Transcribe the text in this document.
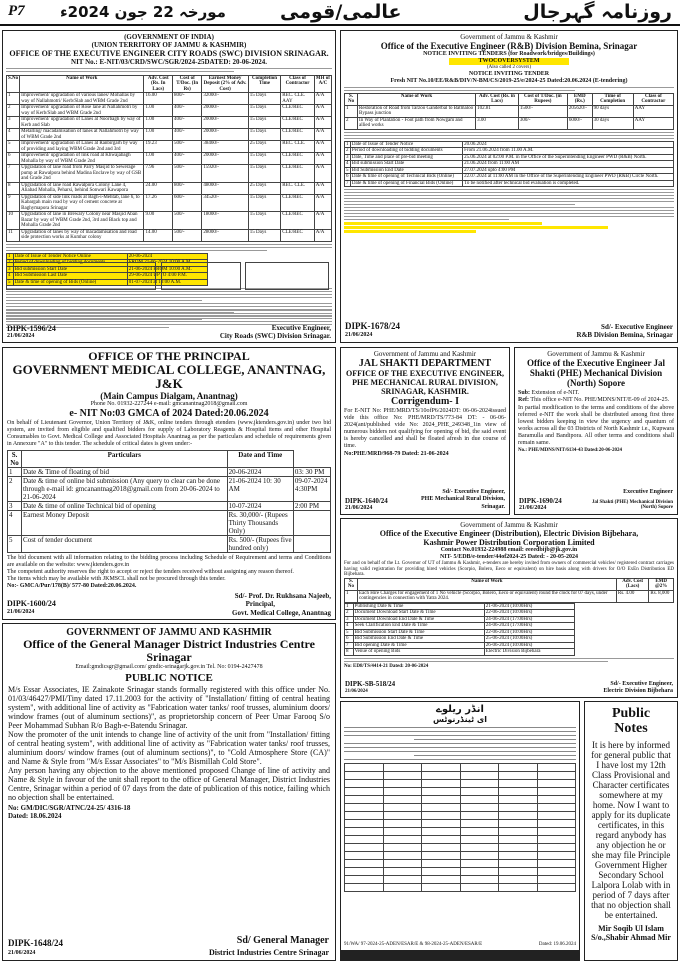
P7 مورخہ 22 جون 2024ء	عالمی/قومی	روزنامہ گہرجال
(GOVERNMENT OF INDIA)
(UNION TERRITORY OF JAMMU & KASHMIR)
OFFICE OF THE EXECUTIVE ENGINEER CITY ROADS (SWC) DIVISION SRINAGAR.
NIT No.: E-NIT/03/CRD/SWC/SGR/2024-25DATED: 20-06-2024.
S.No	Name of Work	Adv. Cost (Rs. In Lacs)	Cost of T/Doc. (In Rs)	Earnest Money Deposit (2% of Adv. Cost)	Completion Time	Class of Contractor	MH of A/C
1	Improvement/ upgradation of various lanes/ Mohallas by way of Nallahmotri/ Kerb/Slab and WBM Grade 2nd	16.00	800/-	32000/-	15 Days	REC. CLE. AAY	A/A
2	Improvement/ upgradation of Rose lane at Nallahmotri by way of Kerb/Slab and WBM Grade 2nd	1.00	400/-	20000/-	15 Days	CLE/REC	A/A
3	Improvement/ upgradation of Lanes at Noorbagh by way of Kerb and Slab	1.00	400/-	20000/-	15 Days	CLE/REC	A/A
4	Metalling/ macadamisation of lanes at Nallahmotri by way of WBM Grade 2nd	1.00	400/-	20000/-	15 Days	CLE/REC	A/A
5	Improvement/ upgradation of Lanes at Ranbirgarh by way of providing and laying WBM Grade 2nd and 3rd	19.23	500/-	38460/-	25 Days	REC. CLE.	A/A
6	Improvement/ upgradation of link road at Khwajabagh Mohalla by way of WBM Grade 2nd	1.00	400/-	20000/-	15 Days	CLE/REC	A/A
7	Upgradation of lane road from Parry Masjid to Sewerage pump at Rawalpora behind Madina Enclave by way of GSB and Grade 2nd	7.96	500/-	15920/-	15 Days	CLE/REC	A/A
8	Upgradation of lane road Rawalpora Colony Lane 4, Aliabad Mohalla, Peharsi, behind Sonwari Kawapora	24.00	800/-	48000/-	25 Days	REC. CLE.	A/A
9	Upgradation of side link roads at Bagh-i-Mehtab, lane 6, to Kabargah main road by way of cement concrete at Baghymapora Srinagar	17.26	600/-	34520/-	15 Days	CLE/REC	A/A
10	Upgradation of lane in Brewary Colony near Masjid Aban Bazar by way of WBM Grade 2nd, 3rd and Black top and Mohalla Grade 2nd	9.00	500/-	18000/-	15 Days	CLE/REC	A/A
11	Upgradation of lanes by way of macadamisation and road side protection works at Kumhar colony	14.00	500/-	28000/-	15 Days	CLE/REC	A/A
1	Date of Issue of Tender Notice Online	20-06-2024
2	Period of downloading of bidding documents	FROM 21-06-2024 10:00 A.M.
3	Bid submission Start Date	21-06-2024 FROM 10:00 A.M.
4	Bid Submission Last Date	29-06-2024 UPTO 4:00 P.M.
5	Date & time of opening of Bids (Online)	01-07-2024 at 10:00 A.M.
DIPK-1596/24
21/06/2024
Executive Engineer,
City Roads (SWC) Division Srinagar.
Government of Jammu & Kashmir
Office of the Executive Engineer (R&B) Division Bemina, Srinagar
NOTICE INVITING TENDERS (for Roadwork/bridges/Buildings)
TWOCOVERSYSTEM
(Also called 2 covers)
NOTICE INVITING TENDER
Fresh NIT No.10/EE/R&B/DIV/N-BM/CS/2019-25/e/2024-25 Dated:20.06.2024 (E-tendering)
S. No	Name of Work	Adv. Cost (Rs. in Lacs)	Cost of T/Doc. (in Rupees)	EMD (Rs.)	Time of Completion	Class of Contractor
1	Restoration of Road from Tarzoo Ganderbal to Batmaloo Bypass junction	102.81	1500/-	205620/-	90 days	AAY
2	In Way of Plantation - Foot path from Nowgam and allied works	3.00	300/-	6000/-	30 days	AAY
1	Date of Issue of Tender Notice	20.06.2024
2	Period of downloading of bidding documents	From 21.06.2024 from 11.00 A.M.
3	Date, Time and place of pre-bid meeting	25.06.2024 at 02:00 P.M. in the Office of the Superintending Engineer PWD (R&B) North.
4	Bid submission Start Date	21.06.2024 from 11:00 AM
5	Bid Submission End Date	27.07.2024 upto 4:00 PM
6	Date & time of opening of Technical Bids (Online)	22.07.2024 at 11:00 AM in the Office of the Superintending Engineer PWD (R&B) Circle North.
7	Date & time of opening of Financial Bids (Online)	To be notified after technical bid evaluation is completed.
DIPK-1678/24
21/06/2024
Sd/- Executive Engineer
R&B Division Bemina, Srinagar
Government of Jammu and Kashmir
JAL SHAKTI DEPARTMENT
OFFICE OF THE EXECUTIVE ENGINEER, PHE MECHANICAL RURAL DIVISION, SRINAGAR, KASHMIR.
Corrigendum- I
For E-NIT No: PHE/MRD/TS/10ofP6/2024DT: 06-06-2024issued vide this office No: PHE/MRD/TS/773-84 DT: - 06-06-2024(ant/published vide No: 2024_PHE_249348_1in view of numerous bidders not qualifying for opening of bid, the said event is hereby cancelled and shall be floated afresh in due course of time.
No:PHE/MRD/968-79 Dated: 21-06-2024
Sd/- Executive Engineer,
PHE Mechanical Rural Division,
Srinagar.
DIPK-1640/24
21/06/2024
Government of Jammu & Kashmir
Office of the Executive Engineer Jal Shakti (PHE) Mechanical Division (North) Sopore
Sub: Extension of e-NIT.
Ref: This office e-NIT No. PHE/MDNS/NIT/E-09 of 2024-25.
In partial modification to the terms and conditions of the above referred e-NIT the work shall be distributed among first three lowest bidders keeping in view the urgency and quantum of works across all the 03 Districts of North Kashmir i.e., Kupwara Baramulla and Bandipora. All other terms and conditions shall remain same.
No.: PHE/MDNS/NIT/6134-43 Dated:20-06-2024
Executive Engineer
Jal Shakti (PHE) Mechanical Division (North) Sopore
DIPK-1690/24
21/06/2024
OFFICE OF THE PRINCIPAL
GOVERNMENT MEDICAL COLLEGE, ANANTNAG, J&K
(Main Campus Dialgam, Anantnag)
Phone No. 01932-227244 e-mail: gmcanantnag2018@gmail.com
e- NIT No:03 GMCA of 2024 Dated:20.06.2024
On behalf of Lieutenant Governor, Union Territory of J&K, online tenders through etenders (www.jktenders.gov.in) under two bid system, are invited from eligible and qualified bidders for supply of Laboratory Reagents & Hospital items and other Hospital Consumables to Govt. Medical College and Associated Hospitals Anantnag as per the particulars and schedule of requirements given in Annexure "A" to this tender. The schedule of critical dates is given under:-
S. No	Particulars	Date and Time	
1	Date & Time of floating of bid	20-06-2024	03: 30 PM
2	Date & time of online bid submission (Any query to clear can be done through e-mail id: gmcanantnag2018@gmail.com from 20-06-2024 to 21-06-2024	21-06-2024 10: 30 AM	09-07-2024 4:30PM
3	Date & time of online Technical bid of opening	10-07-2024	2:00 PM
4	Earnest Money Deposit	Rs. 30,000/- (Rupees Thirty Thousands Only)	
5	Cost of tender document	Rs. 500/- (Rupees five hundred only)	
The bid document with all information relating to the bidding process including Schedule of Requirement and terms and Conditions are available on the website: www.jktenders.gov.in
The competent authority reserves the right to accept or reject the tenders received without assigning any reason thereof.
The items which may be available with JKMSCL shall not be procured through this tender.
No:- GMCA/Pur/178(B)/ 577-80 Dated:20.06.2024.
DIPK-1600/24
21/06/2024
Sd/- Prof. Dr. Rukhsana Najeeb,
Principal,
Govt. Medical College, Anantnag
Government of Jammu & Kashmir
Office of the Executive Engineer (Distribution), Electric Division Bijbehara,
Kashmir Power Distribution Corporation Limited
Contact No.01932-224988 email: eeeedbijb@jk.gov.in
NIT- 5/EDB/e-tender/44of2024-25 Dated: - 20-05-2024
For and on behalf of the Lt. Governor of UT of Jammu & Kashmir, e-tenders are hereby invited from owners of commercial vehicles/ registered contract carriages having valid registration for providing hired vehicles (Scorpio, Bolero, Eeco or equivalent) on hire basis along with drivers for O/O ExEn Distribution ED Bijbehara.
S. No	Name of Work	Adv. Cost (Lacs)	EMD @2%
1	Each Hire Charges for engagement of 1 No vehicle (Scorpio, Bolero, Eeco or equivalent) round the clock for 07 days, under contingencies in connection with Yatra 2024.	Rs. 4.00	Rs. 8,000
1	Publishing Date & Time	21-06-2024 (10:00Hrs)
2	Document Download Start Date & Time	22-06-2024 (10:00Hrs)
3	Document Download End Date & Time	24-06-2024 (17:00Hrs)
4	Seek Clarification End Date & Time	24-06-2024 (17:00Hrs)
5	Bid Submission Start Date & Time	22-06-2024 (10:00Hrs)
6	Bid Submission End Date & Time	25-06-2024 (10:00Hrs)
7	Bid opening Date & Time	26-06-2024 (10:00Hrs)
8	Venue of opening Bids	Electric Division Bijbehara
No: ED8/TS/4414-21 Dated: 20-06-2024
DIPK-SB-518/24
21/06/2024
Sd/- Executive Engineer,
Electric Division Bijbehara
انڈر ریلوے
ای ٹینڈرنوٹس

91/WA/ 97-2024-25-ADEN/ESAR/E & 98-2024-25-ADEN/ESAR/E	Dated: 19.06.2024
GOVERNMENT OF JAMMU AND KASHMIR
Office of the General Manager District Industries Centre Srinagar
Email:gmdicsgr@gmail.com/ gmdic-srinagarjk.gov.in Tel. No: 0194-2427478
PUBLIC NOTICE
M/s Essar Associates, IE Zainakote Srinagar stands formally registered with this office under No. 01/03/46427/PMI/Tiny dated 17.11.2003 for the activity of "Installation/ fitting of central heating system", with additional line of activity as "Fabrication water tanks/ roof trusses, aluminium doors/ window frames (out of aluminum sections)", as proprietorship concern of Peer Umar Farooq S/o Peer Mohammad Subhan R/o Bagh-e-Batendu Srinagar.
Now the promoter of the unit intends to change line of activity of the unit from "Installation/ fitting of central heating system", with additional line of activity as "Fabrication water tanks/ roof trusses, aluminium doors/ window frames (out of aluminum sections)", to "Cold Atmosphere Store (CA)" and Name & Style from "M/s Essar Associates" to "M/s Bismillah Cold Store".
Any person having any objection to the above mentioned proposed Change of line of activity and Name & Style in favour of the unit shall report to the office of General Manager, District Industries Centre, Srinagar within a period of 07 days from the date of publication of this notice, failing which no objection shall be entertained.
No: GM/DIC/SGR/ATNC/24-25/ 4316-18
Dated: 18.06.2024
DIPK-1648/24
21/06/2024
Sd/ General Manager
District Industries Centre Srinagar
Public
Notes
It is here by informed for general public that I have lost my 12th Class Provisional and Character certificates somewhere at my home. Now I want to apply for its duplicate certificates, in this regard anybody has any objection he or she may file Principle Government Higher Secondary School Lalpora Lolab with in period of 7 days after that no objection shall be entertained.
Mir Soqib Ul Islam
S/o.,Shabir Ahmad Mir
